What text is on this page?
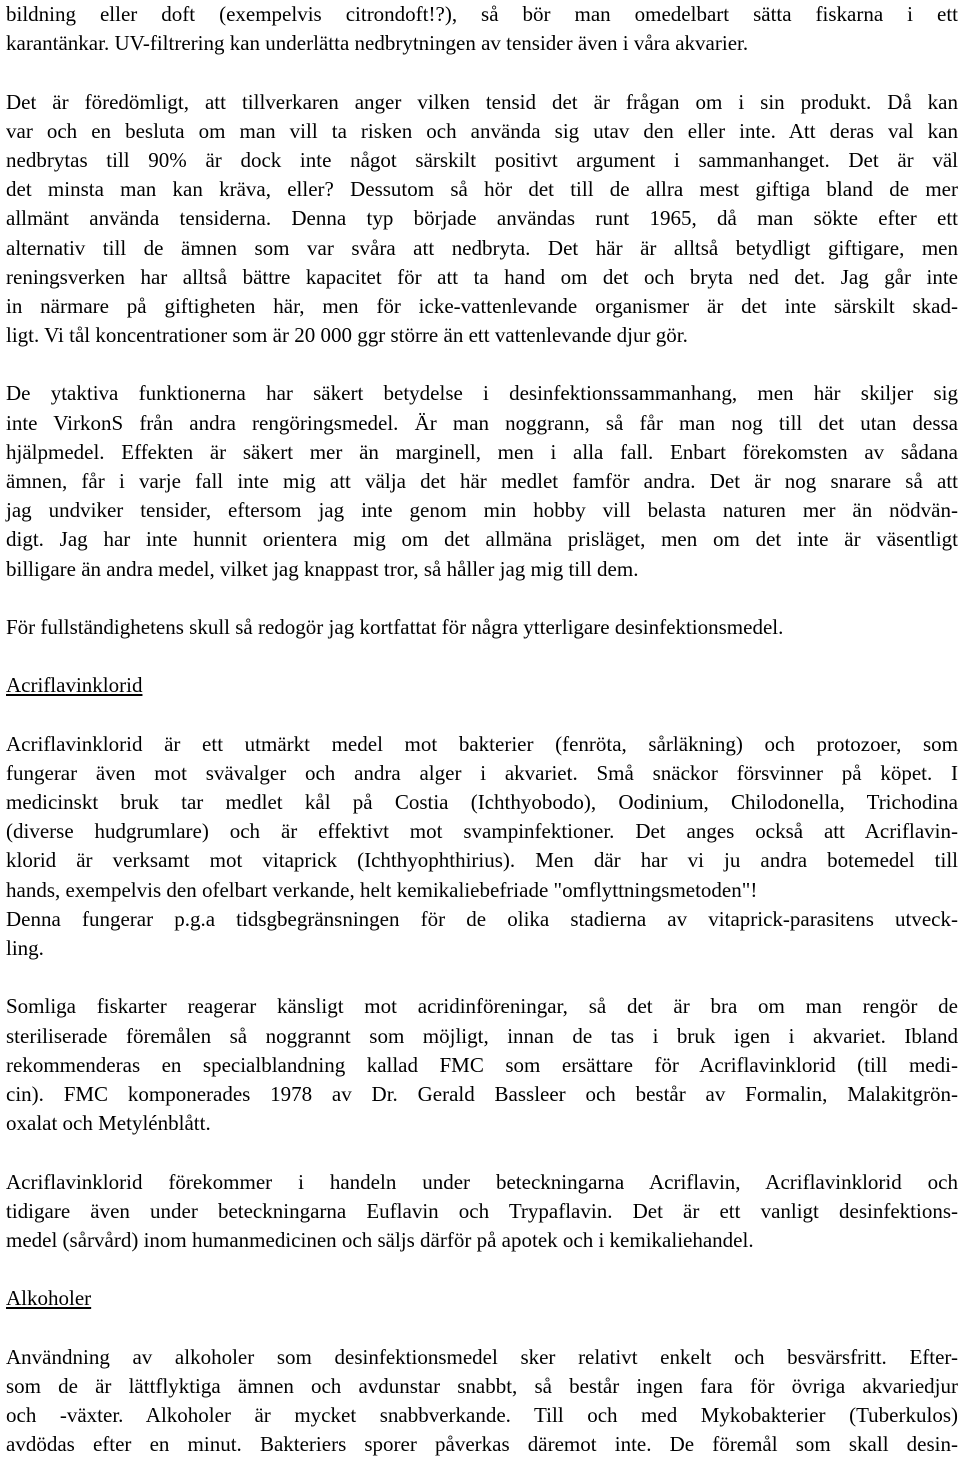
bildning eller doft (exempelvis citrondoft!?), så bör man omedelbart sätta fiskarna i ett
karantänkar. UV-filtrering kan underlätta nedbrytningen av tensider även i våra akvarier.
Det är föredömligt, att tillverkaren anger vilken tensid det är frågan om i sin produkt. Då kan
var och en besluta om man vill ta risken och använda sig utav den eller inte. Att deras val kan
nedbrytas till 90% är dock inte något särskilt positivt argument i sammanhanget. Det är väl
det minsta man kan kräva, eller? Dessutom så hör det till de allra mest giftiga bland de mer
allmänt använda tensiderna. Denna typ började användas runt 1965, då man sökte efter ett
alternativ till de ämnen som var svåra att nedbryta. Det här är alltså betydligt giftigare, men
reningsverken har alltså bättre kapacitet för att ta hand om det och bryta ned det. Jag går inte
in närmare på giftigheten här, men för icke-vattenlevande organismer är det inte särskilt skad-
ligt. Vi tål koncentrationer som är 20 000 ggr större än ett vattenlevande djur gör.
De ytaktiva funktionerna har säkert betydelse i desinfektionssammanhang, men här skiljer sig
inte VirkonS från andra rengöringsmedel. Är man noggrann, så får man nog till det utan dessa
hjälpmedel. Effekten är säkert mer än marginell, men i alla fall. Enbart förekomsten av sådana
ämnen, får i varje fall inte mig att välja det här medlet famför andra. Det är nog snarare så att
jag undviker tensider, eftersom jag inte genom min hobby vill belasta naturen mer än nödvän-
digt. Jag har inte hunnit orientera mig om det allmäna prisläget, men om det inte är väsentligt
billigare än andra medel, vilket jag knappast tror, så håller jag mig till dem.
För fullständighetens skull så redogör jag kortfattat för några ytterligare desinfektionsmedel.
Acriflavinklorid
Acriflavinklorid är ett utmärkt medel mot bakterier (fenröta, sårläkning) och protozoer, som
fungerar även mot svävalger och andra alger i akvariet. Små snäckor försvinner på köpet. I
medicinskt bruk tar medlet kål på Costia (Ichthyobodo), Oodinium, Chilodonella, Trichodina
(diverse hudgrumlare) och är effektivt mot svampinfektioner. Det anges också att Acriflavin-
klorid är verksamt mot vitaprick (Ichthyophthirius). Men där har vi ju andra botemedel till
hands, exempelvis den ofelbart verkande, helt kemikaliebefriade "omflyttningsmetoden"!
Denna fungerar p.g.a tidsgbegränsningen för de olika stadierna av vitaprick-parasitens utveck-
ling.
Somliga fiskarter reagerar känsligt mot acridinföreningar, så det är bra om man rengör de
steriliserade föremålen så noggrannt som möjligt, innan de tas i bruk igen i akvariet. Ibland
rekommenderas en specialblandning kallad FMC som ersättare för Acriflavinklorid (till medi-
cin). FMC komponerades 1978 av Dr. Gerald Bassleer och består av Formalin, Malakitgrön-
oxalat och Metylénblått.
Acriflavinklorid förekommer i handeln under beteckningarna Acriflavin, Acriflavinklorid och
tidigare även under beteckningarna Euflavin och Trypaflavin. Det är ett vanligt desinfektions-
medel (sårvård) inom humanmedicinen och säljs därför på apotek och i kemikaliehandel.
Alkoholer
Användning av alkoholer som desinfektionsmedel sker relativt enkelt och besvärsfritt. Efter-
som de är lättflyktiga ämnen och avdunstar snabbt, så består ingen fara för övriga akvariedjur
och -växter. Alkoholer är mycket snabbverkande. Till och med Mykobakterier (Tuberkulos)
avdödas efter en minut. Bakteriers sporer påverkas däremot inte. De föremål som skall desin-
